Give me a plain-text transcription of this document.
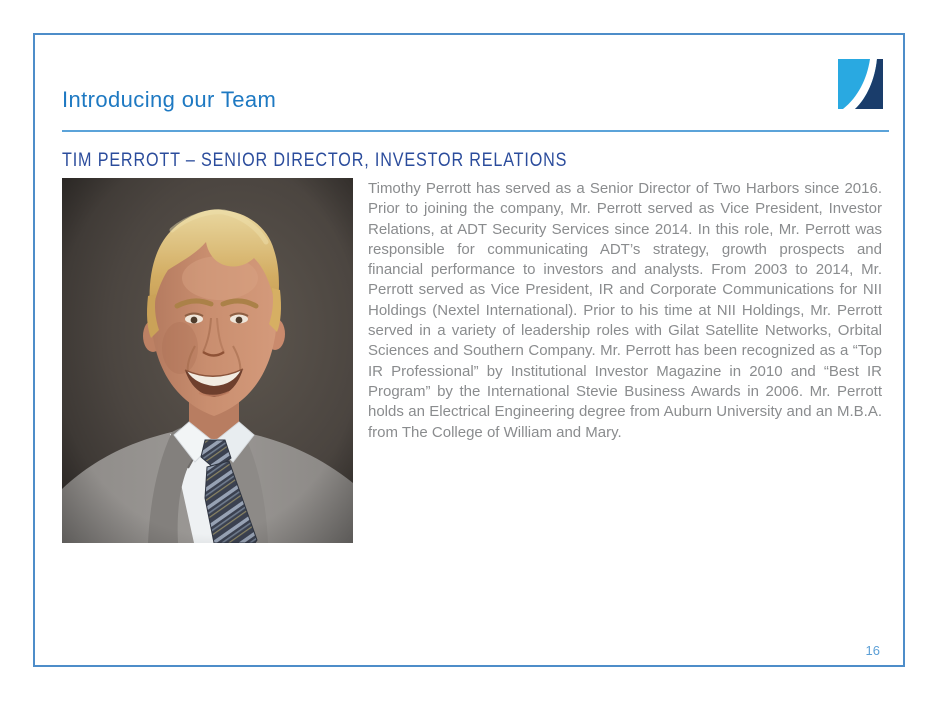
Introducing our Team
TIM PERROTT – SENIOR DIRECTOR, INVESTOR RELATIONS

Timothy Perrott has served as a Senior Director of Two Harbors since 2016. Prior to joining the company, Mr. Perrott served as Vice President, Investor Relations, at ADT Security Services since 2014. In this role, Mr. Perrott was responsible for communicating ADT’s strategy, growth prospects and financial performance to investors and analysts. From 2003 to 2014, Mr. Perrott served as Vice President, IR and Corporate Communications for NII Holdings (Nextel International). Prior to his time at NII Holdings, Mr. Perrott served in a variety of leadership roles with Gilat Satellite Networks, Orbital Sciences and Southern Company. Mr. Perrott has been recognized as a “Top IR Professional” by Institutional Investor Magazine in 2010 and “Best IR Program” by the International Stevie Business Awards in 2006. Mr. Perrott holds an Electrical Engineering degree from Auburn University and an M.B.A. from The College of William and Mary.

16
